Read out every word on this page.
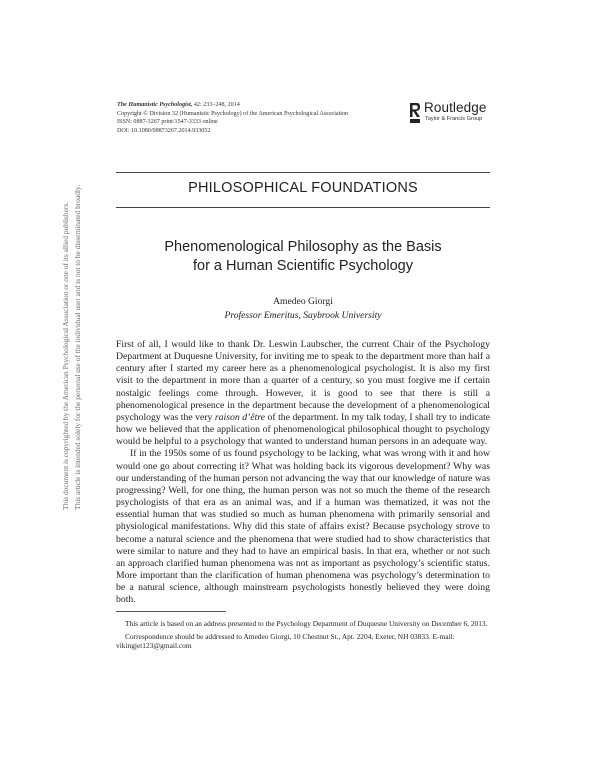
This document is copyrighted by the American Psychological Association or one of its allied publishers. This article is intended solely for the personal use of the individual user and is not to be disseminated broadly.
The Humanistic Psychologist, 42: 233–248, 2014
Copyright © Division 32 (Humanistic Psychology) of the American Psychological Association
ISSN: 0887-3267 print/1547-3333 online
DOI: 10.1080/08873267.2014.933052
Routledge
Taylor & Francis Group
PHILOSOPHICAL FOUNDATIONS
Phenomenological Philosophy as the Basis
for a Human Scientific Psychology
Amedeo Giorgi
Professor Emeritus, Saybrook University

First of all, I would like to thank Dr. Leswin Laubscher, the current Chair of the Psychology Department at Duquesne University, for inviting me to speak to the department more than half a century after I started my career here as a phenomenological psychologist. It is also my first visit to the department in more than a quarter of a century, so you must forgive me if certain nostalgic feelings come through. However, it is good to see that there is still a phenomenological presence in the department because the development of a phenomenological psychology was the very raison d’être of the department. In my talk today, I shall try to indicate how we believed that the application of phenomenological philosophical thought to psychology would be helpful to a psychology that wanted to understand human persons in an adequate way.

If in the 1950s some of us found psychology to be lacking, what was wrong with it and how would one go about correcting it? What was holding back its vigorous development? Why was our understanding of the human person not advancing the way that our knowledge of nature was progressing? Well, for one thing, the human person was not so much the theme of the research psychologists of that era as an animal was, and if a human was thematized, it was not the essential human that was studied so much as human phenomena with primarily sensorial and physiological manifestations. Why did this state of affairs exist? Because psychology strove to become a natural science and the phenomena that were studied had to show characteristics that were similar to nature and they had to have an empirical basis. In that era, whether or not such an approach clarified human phenomena was not as important as psychology’s scientific status. More important than the clarification of human phenomena was psychology’s determination to be a natural science, although mainstream psychologists honestly believed they were doing both.

This article is based on an address presented to the Psychology Department of Duquesne University on December 6, 2013.

Correspondence should be addressed to Amedeo Giorgi, 10 Chestnut St., Apt. 2204, Exeter, NH 03833. E-mail: vikingjet123@gmail.com
